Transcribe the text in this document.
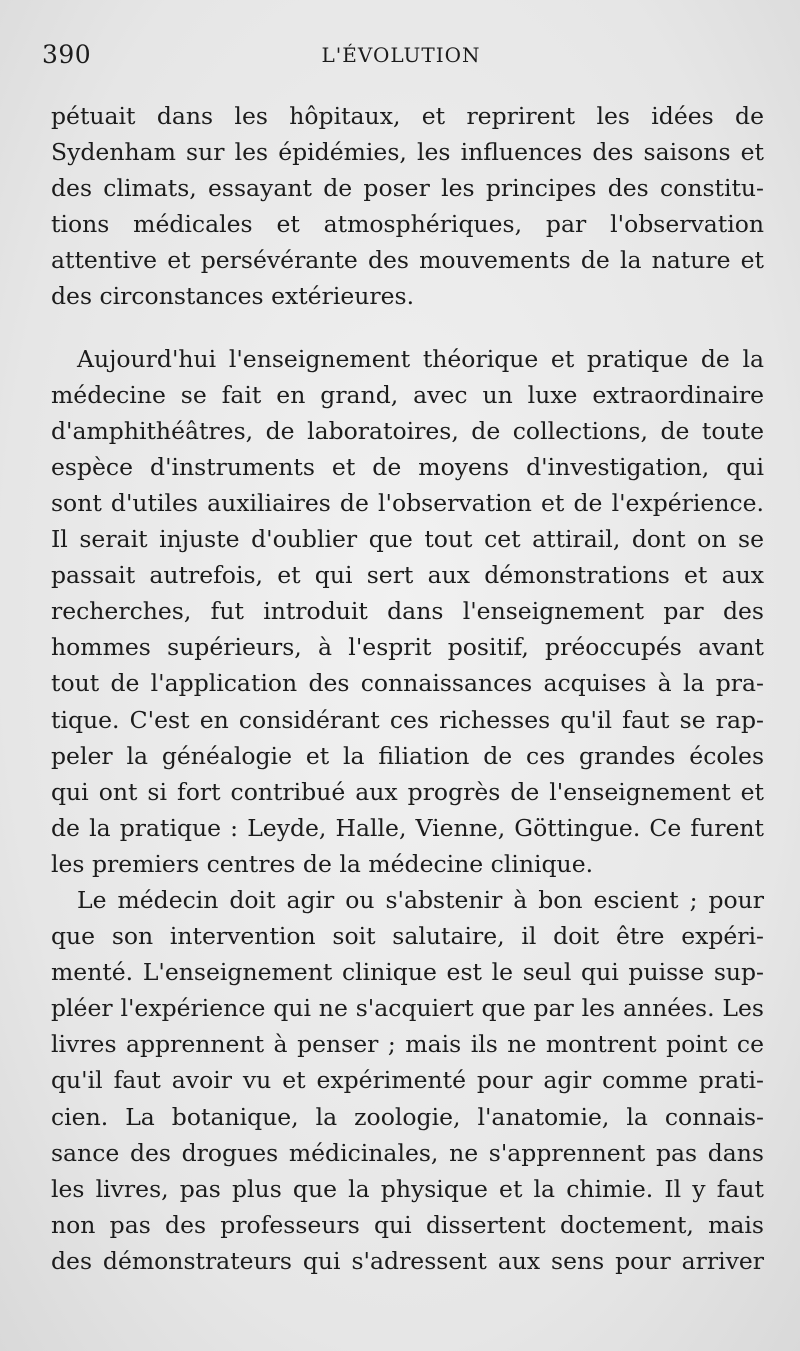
390	L'ÉVOLUTION
pétuait dans les hôpitaux, et reprirent les idées de
Sydenham sur les épidémies, les influences des saisons et
des climats, essayant de poser les principes des constitu-
tions médicales et atmosphériques, par l'observation
attentive et persévérante des mouvements de la nature et
des circonstances extérieures.
Aujourd'hui l'enseignement théorique et pratique de la
médecine se fait en grand, avec un luxe extraordinaire
d'amphithéâtres, de laboratoires, de collections, de toute
espèce d'instruments et de moyens d'investigation, qui
sont d'utiles auxiliaires de l'observation et de l'expérience.
Il serait injuste d'oublier que tout cet attirail, dont on se
passait autrefois, et qui sert aux démonstrations et aux
recherches, fut introduit dans l'enseignement par des
hommes supérieurs, à l'esprit positif, préoccupés avant
tout de l'application des connaissances acquises à la pra-
tique. C'est en considérant ces richesses qu'il faut se rap-
peler la généalogie et la filiation de ces grandes écoles
qui ont si fort contribué aux progrès de l'enseignement et
de la pratique : Leyde, Halle, Vienne, Göttingue. Ce furent
les premiers centres de la médecine clinique.
Le médecin doit agir ou s'abstenir à bon escient ; pour
que son intervention soit salutaire, il doit être expéri-
menté. L'enseignement clinique est le seul qui puisse sup-
pléer l'expérience qui ne s'acquiert que par les années. Les
livres apprennent à penser ; mais ils ne montrent point ce
qu'il faut avoir vu et expérimenté pour agir comme prati-
cien. La botanique, la zoologie, l'anatomie, la connais-
sance des drogues médicinales, ne s'apprennent pas dans
les livres, pas plus que la physique et la chimie. Il y faut
non pas des professeurs qui dissertent doctement, mais
des démonstrateurs qui s'adressent aux sens pour arriver
